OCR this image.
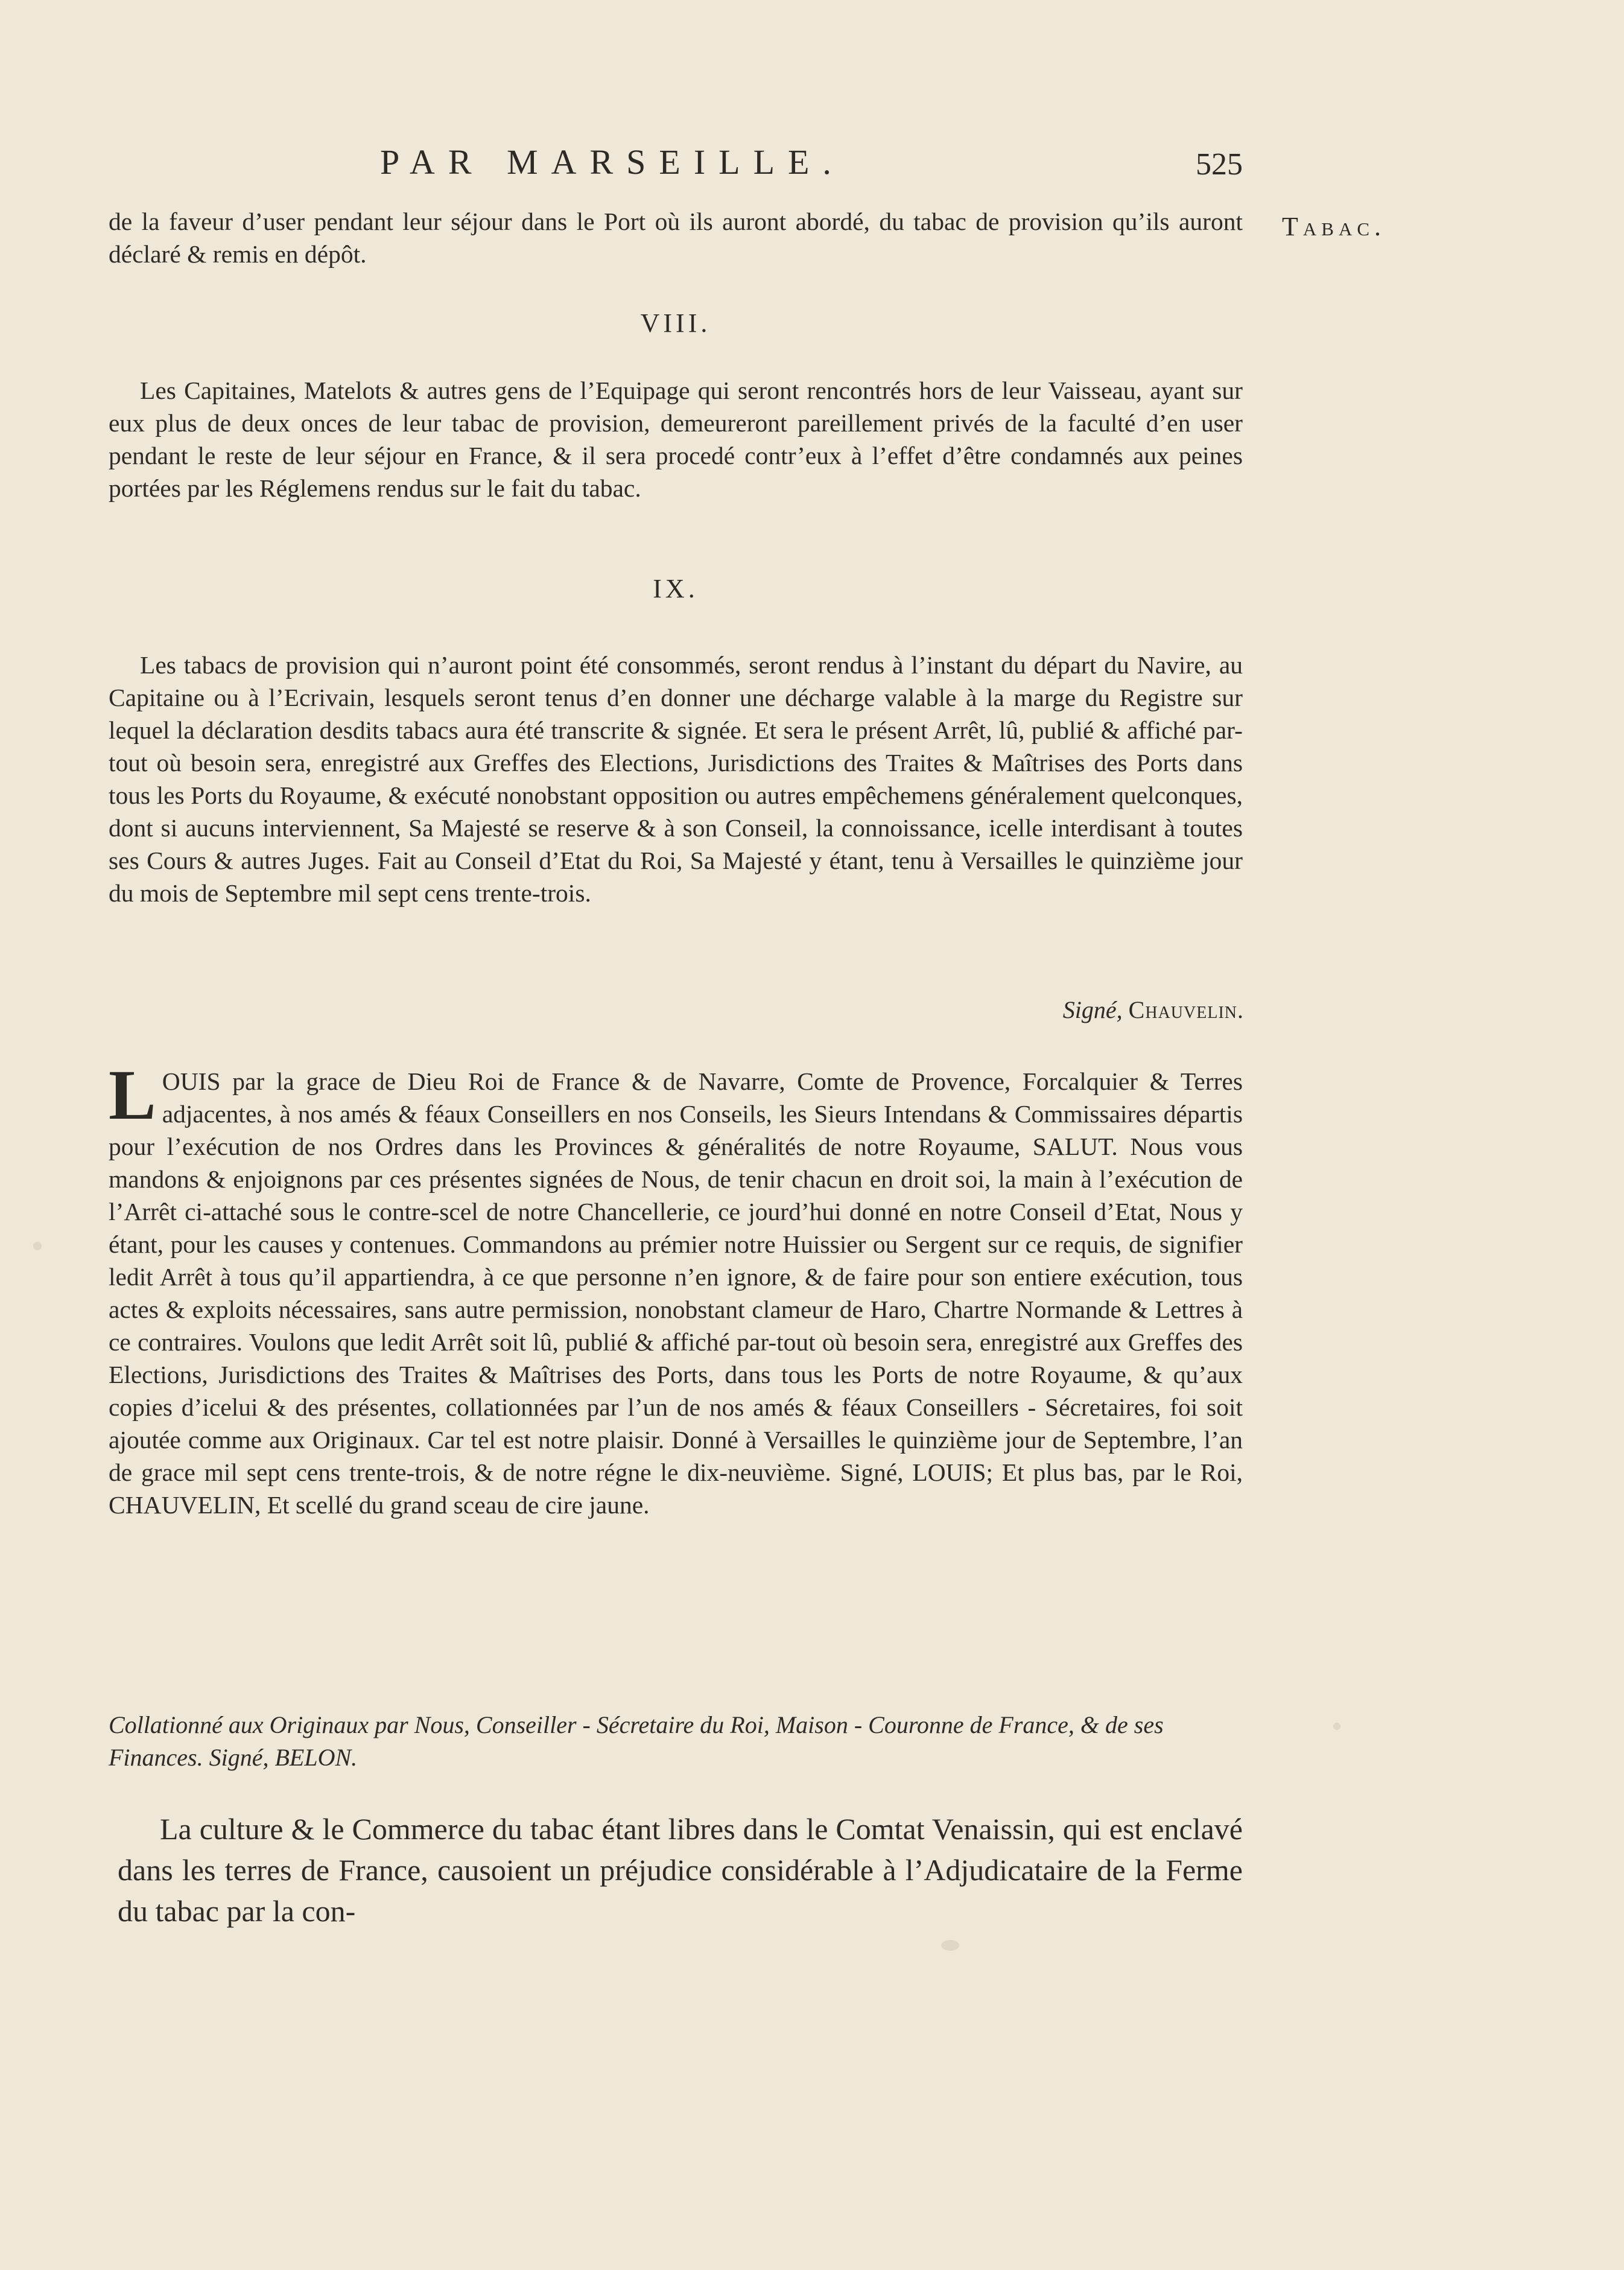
PAR MARSEILLE.	525
Tabac.
de la faveur d’user pendant leur séjour dans le Port où ils auront abordé, du tabac de provision qu’ils auront déclaré & remis en dépôt.
VIII.
Les Capitaines, Matelots & autres gens de l’Equipage qui seront rencontrés hors de leur Vaisseau, ayant sur eux plus de deux onces de leur tabac de provision, demeureront pareillement privés de la faculté d’en user pendant le reste de leur séjour en France, & il sera procedé contr’eux à l’effet d’être condamnés aux peines portées par les Réglemens rendus sur le fait du tabac.
IX.
Les tabacs de provision qui n’auront point été consommés, seront rendus à l’instant du départ du Navire, au Capitaine ou à l’Ecrivain, lesquels seront tenus d’en donner une décharge valable à la marge du Registre sur lequel la déclaration desdits tabacs aura été transcrite & signée. Et sera le présent Arrêt, lû, publié & affiché par-tout où besoin sera, enregistré aux Greffes des Elections, Jurisdictions des Traites & Maîtrises des Ports dans tous les Ports du Royaume, & exécuté nonobstant opposition ou autres empêchemens généralement quelconques, dont si aucuns interviennent, Sa Majesté se reserve & à son Conseil, la connoissance, icelle interdisant à toutes ses Cours & autres Juges. Fait au Conseil d’Etat du Roi, Sa Majesté y étant, tenu à Versailles le quinzième jour du mois de Septembre mil sept cens trente-trois.
Signé, Chauvelin.
L OUIS par la grace de Dieu Roi de France & de Navarre, Comte de Provence, Forcalquier & Terres adjacentes, à nos amés & féaux Conseillers en nos Conseils, les Sieurs Intendans & Commissaires départis pour l’exécution de nos Ordres dans les Provinces & généralités de notre Royaume, SALUT. Nous vous mandons & enjoignons par ces présentes signées de Nous, de tenir chacun en droit soi, la main à l’exécution de l’Arrêt ci-attaché sous le contre-scel de notre Chancellerie, ce jourd’hui donné en notre Conseil d’Etat, Nous y étant, pour les causes y contenues. Commandons au prémier notre Huissier ou Sergent sur ce requis, de signifier ledit Arrêt à tous qu’il appartiendra, à ce que personne n’en ignore, & de faire pour son entiere exécution, tous actes & exploits nécessaires, sans autre permission, nonobstant clameur de Haro, Chartre Normande & Lettres à ce contraires. Voulons que ledit Arrêt soit lû, publié & affiché par-tout où besoin sera, enregistré aux Greffes des Elections, Jurisdictions des Traites & Maîtrises des Ports, dans tous les Ports de notre Royaume, & qu’aux copies d’icelui & des présentes, collationnées par l’un de nos amés & féaux Conseillers - Sécretaires, foi soit ajoutée comme aux Originaux. Car tel est notre plaisir. Donné à Versailles le quinzième jour de Septembre, l’an de grace mil sept cens trente-trois, & de notre régne le dix-neuvième. Signé, LOUIS; Et plus bas, par le Roi, CHAUVELIN, Et scellé du grand sceau de cire jaune.
Collationné aux Originaux par Nous, Conseiller - Sécretaire du Roi, Maison - Couronne de France, & de ses Finances. Signé, BELON.
La culture & le Commerce du tabac étant libres dans le Comtat Venaissin, qui est enclavé dans les terres de France, causoient un préjudice considérable à l’Adjudicataire de la Ferme du tabac par la con-
